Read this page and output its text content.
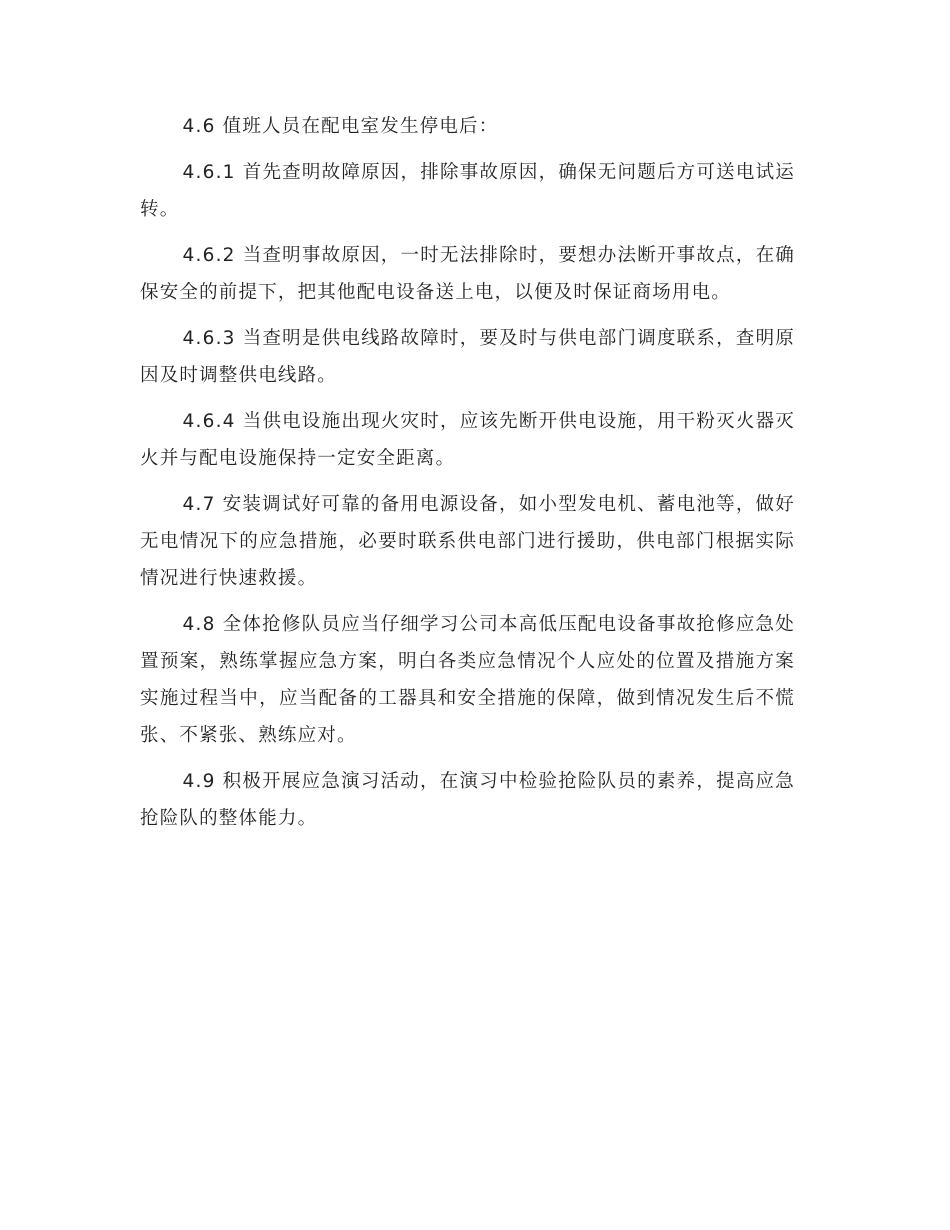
4.6 值班人员在配电室发生停电后：

4.6.1 首先查明故障原因，排除事故原因，确保无问题后方可送电试运转。

4.6.2 当查明事故原因，一时无法排除时，要想办法断开事故点，在确保安全的前提下，把其他配电设备送上电，以便及时保证商场用电。

4.6.3 当查明是供电线路故障时，要及时与供电部门调度联系，查明原因及时调整供电线路。

4.6.4 当供电设施出现火灾时，应该先断开供电设施，用干粉灭火器灭火并与配电设施保持一定安全距离。

4.7 安装调试好可靠的备用电源设备，如小型发电机、蓄电池等，做好无电情况下的应急措施，必要时联系供电部门进行援助，供电部门根据实际情况进行快速救援。

4.8 全体抢修队员应当仔细学习公司本高低压配电设备事故抢修应急处置预案，熟练掌握应急方案，明白各类应急情况个人应处的位置及措施方案实施过程当中，应当配备的工器具和安全措施的保障，做到情况发生后不慌张、不紧张、熟练应对。

4.9 积极开展应急演习活动，在演习中检验抢险队员的素养，提高应急抢险队的整体能力。
